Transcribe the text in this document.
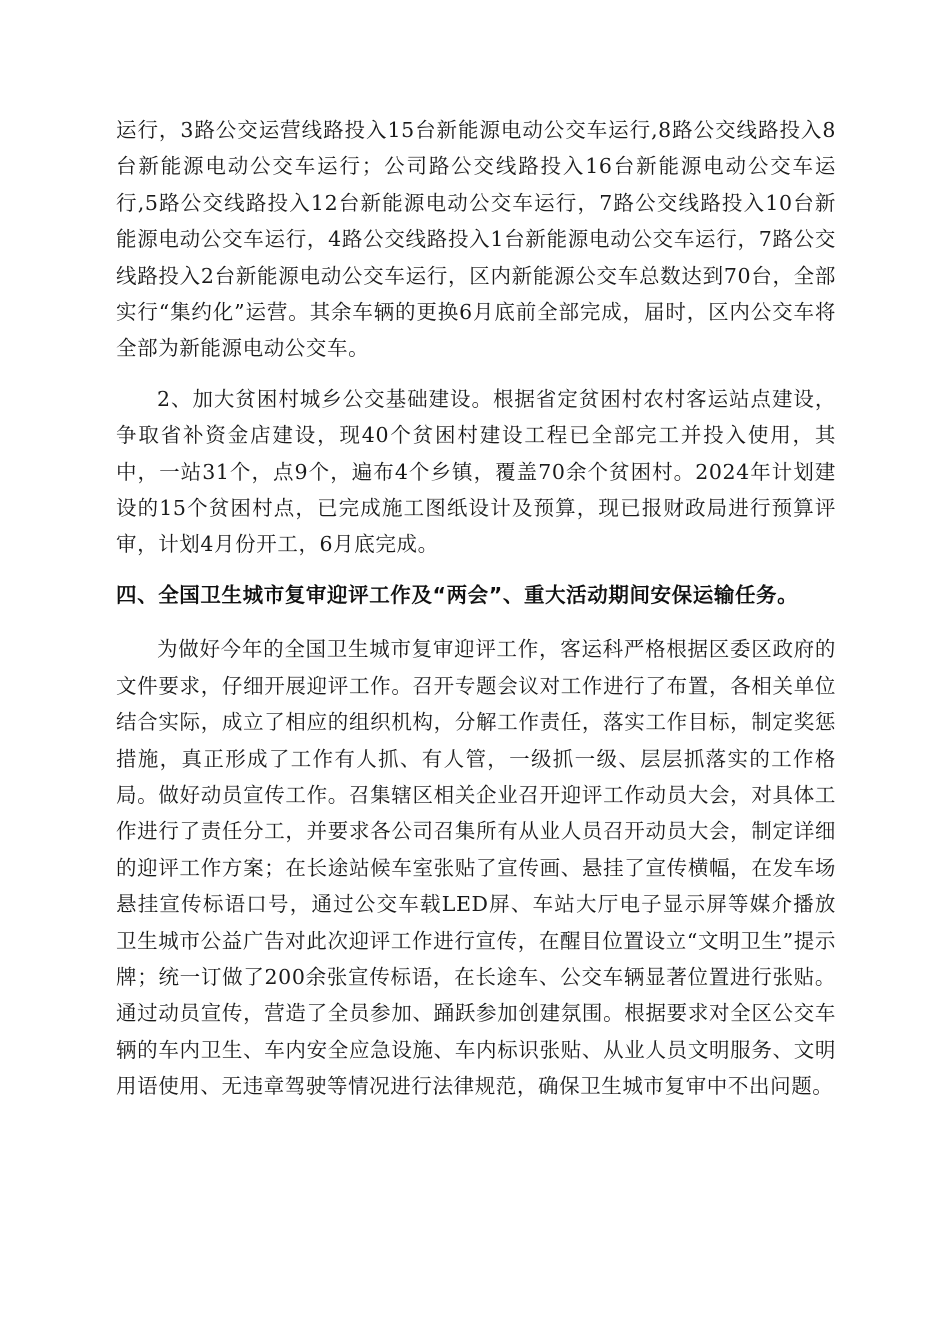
运行，3路公交运营线路投入15台新能源电动公交车运行,8路公交线路投入8台新能源电动公交车运行；公司路公交线路投入16台新能源电动公交车运行,5路公交线路投入12台新能源电动公交车运行，7路公交线路投入10台新能源电动公交车运行，4路公交线路投入1台新能源电动公交车运行，7路公交线路投入2台新能源电动公交车运行，区内新能源公交车总数达到70台，全部实行“集约化”运营。其余车辆的更换6月底前全部完成，届时，区内公交车将全部为新能源电动公交车。

2、加大贫困村城乡公交基础建设。根据省定贫困村农村客运站点建设，争取省补资金店建设，现40个贫困村建设工程已全部完工并投入使用，其中，一站31个，点9个，遍布4个乡镇，覆盖70余个贫困村。2024年计划建设的15个贫困村点，已完成施工图纸设计及预算，现已报财政局进行预算评审，计划4月份开工，6月底完成。

四、全国卫生城市复审迎评工作及“两会”、重大活动期间安保运输任务。

为做好今年的全国卫生城市复审迎评工作，客运科严格根据区委区政府的文件要求，仔细开展迎评工作。召开专题会议对工作进行了布置，各相关单位结合实际，成立了相应的组织机构，分解工作责任，落实工作目标，制定奖惩措施，真正形成了工作有人抓、有人管，一级抓一级、层层抓落实的工作格局。做好动员宣传工作。召集辖区相关企业召开迎评工作动员大会，对具体工作进行了责任分工，并要求各公司召集所有从业人员召开动员大会，制定详细的迎评工作方案；在长途站候车室张贴了宣传画、悬挂了宣传横幅，在发车场悬挂宣传标语口号，通过公交车载LED屏、车站大厅电子显示屏等媒介播放卫生城市公益广告对此次迎评工作进行宣传，在醒目位置设立“文明卫生”提示牌；统一订做了200余张宣传标语，在长途车、公交车辆显著位置进行张贴。通过动员宣传，营造了全员参加、踊跃参加创建氛围。根据要求对全区公交车辆的车内卫生、车内安全应急设施、车内标识张贴、从业人员文明服务、文明用语使用、无违章驾驶等情况进行法律规范，确保卫生城市复审中不出问题。
